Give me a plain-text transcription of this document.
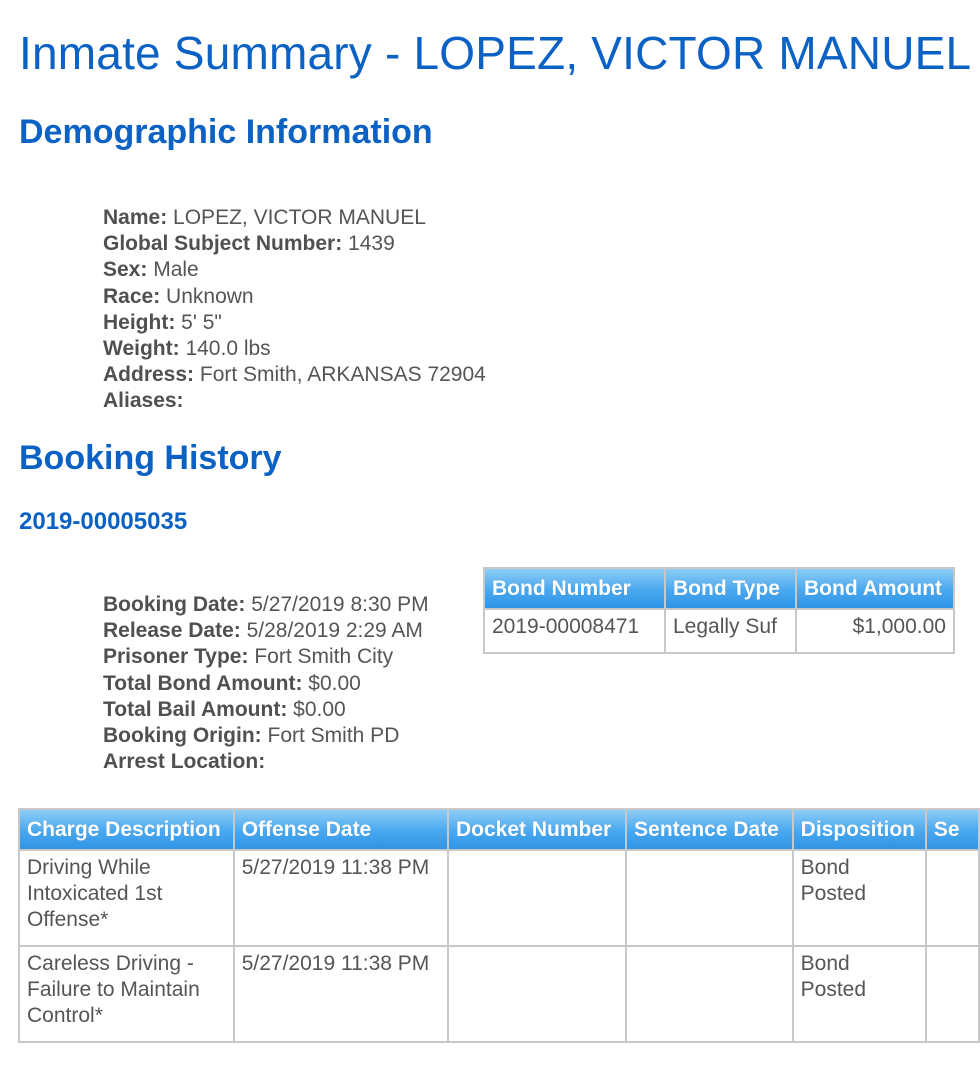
Inmate Summary - LOPEZ, VICTOR MANUEL
Demographic Information
Name: LOPEZ, VICTOR MANUEL
Global Subject Number: 1439
Sex: Male
Race: Unknown
Height: 5' 5"
Weight: 140.0 lbs
Address: Fort Smith, ARKANSAS 72904
Aliases:
Booking History
2019-00005035
Booking Date: 5/27/2019 8:30 PM
Release Date: 5/28/2019 2:29 AM
Prisoner Type: Fort Smith City
Total Bond Amount: $0.00
Total Bail Amount: $0.00
Booking Origin: Fort Smith PD
Arrest Location:
Bond Number	Bond Type	Bond Amount
2019-00008471	Legally Suf	$1,000.00
Charge Description	Offense Date	Docket Number	Sentence Date	Disposition	Se
Driving While Intoxicated 1st Offense*	5/27/2019 11:38 PM			Bond Posted	
Careless Driving - Failure to Maintain Control*	5/27/2019 11:38 PM			Bond Posted	
